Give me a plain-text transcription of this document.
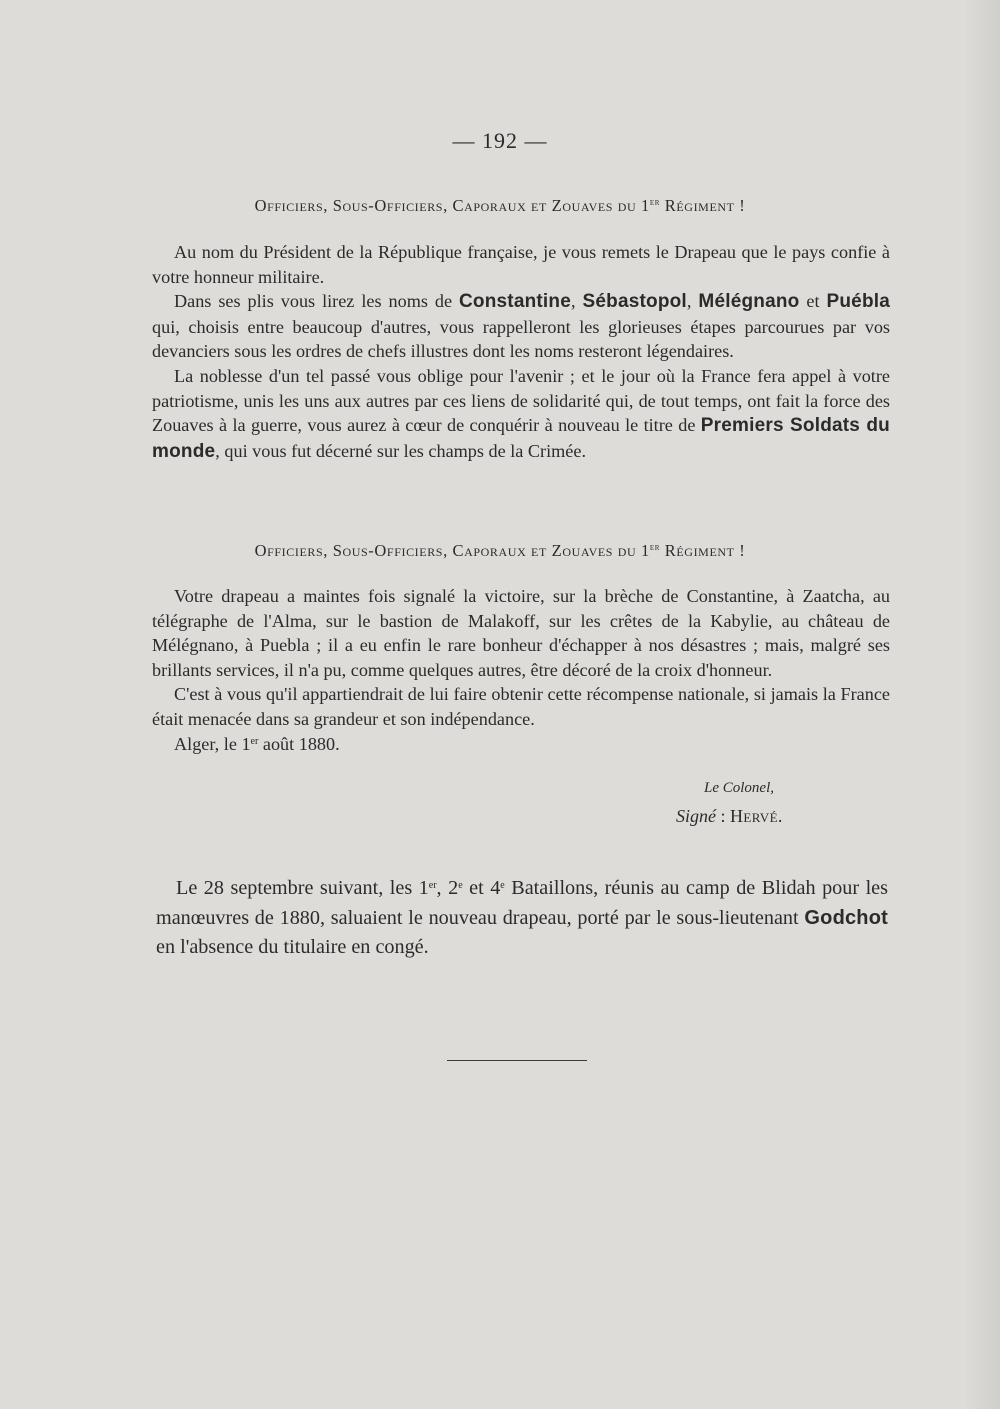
— 192 —
Officiers, Sous-Officiers, Caporaux et Zouaves du 1er Régiment !

Au nom du Président de la République française, je vous remets le Drapeau que le pays confie à votre honneur militaire.

Dans ses plis vous lirez les noms de Constantine, Sébastopol, Mélégnano et Puébla qui, choisis entre beaucoup d'autres, vous rappelleront les glorieuses étapes parcourues par vos devanciers sous les ordres de chefs illustres dont les noms resteront légendaires.

La noblesse d'un tel passé vous oblige pour l'avenir ; et le jour où la France fera appel à votre patriotisme, unis les uns aux autres par ces liens de solidarité qui, de tout temps, ont fait la force des Zouaves à la guerre, vous aurez à cœur de conquérir à nouveau le titre de Premiers Soldats du monde, qui vous fut décerné sur les champs de la Crimée.

Officiers, Sous-Officiers, Caporaux et Zouaves du 1er Régiment !

Votre drapeau a maintes fois signalé la victoire, sur la brèche de Constantine, à Zaatcha, au télégraphe de l'Alma, sur le bastion de Malakoff, sur les crêtes de la Kabylie, au château de Mélégnano, à Puebla ; il a eu enfin le rare bonheur d'échapper à nos désastres ; mais, malgré ses brillants services, il n'a pu, comme quelques autres, être décoré de la croix d'honneur.

C'est à vous qu'il appartiendrait de lui faire obtenir cette récompense nationale, si jamais la France était menacée dans sa grandeur et son indépendance.

Alger, le 1er août 1880.

Le Colonel,
Signé : Hervé.

Le 28 septembre suivant, les 1er, 2e et 4e Bataillons, réunis au camp de Blidah pour les manœuvres de 1880, saluaient le nouveau drapeau, porté par le sous-lieutenant Godchot en l'absence du titulaire en congé.
